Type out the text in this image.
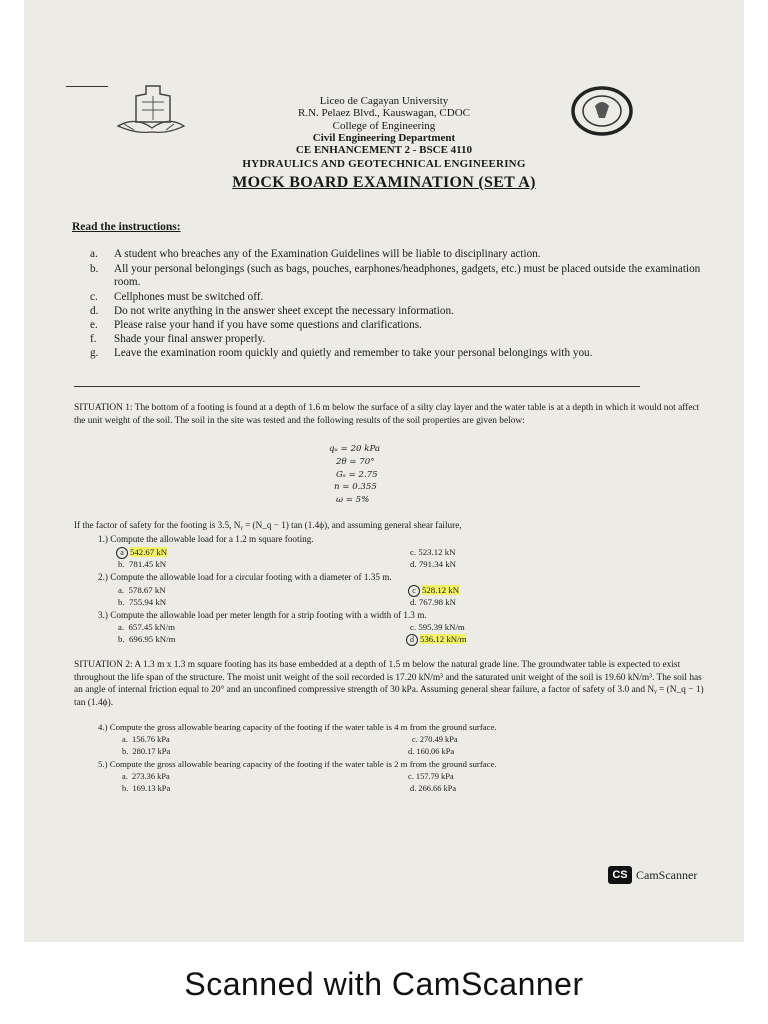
Liceo de Cagayan University
R.N. Pelaez Blvd., Kauswagan, CDOC
College of Engineering
Civil Engineering Department
CE ENHANCEMENT 2 - BSCE 4110
HYDRAULICS AND GEOTECHNICAL ENGINEERING
MOCK BOARD EXAMINATION (SET A)
Read the instructions:
a.	A student who breaches any of the Examination Guidelines will be liable to disciplinary action.
b.	All your personal belongings (such as bags, pouches, earphones/headphones, gadgets, etc.) must be placed outside the examination room.
c.	Cellphones must be switched off.
d.	Do not write anything in the answer sheet except the necessary information.
e.	Please raise your hand if you have some questions and clarifications.
f.	Shade your final answer properly.
g.	Leave the examination room quickly and quietly and remember to take your personal belongings with you.
SITUATION 1: The bottom of a footing is found at a depth of 1.6 m below the surface of a silty clay layer and the water table is at a depth in which it would not affect the unit weight of the soil. The soil in the site was tested and the following results of the soil properties are given below:
qᵤ = 20 kPa
2θ = 70°
Gₛ = 2.75
n = 0.355
ω = 5%
If the factor of safety for the footing is 3.5, Nᵧ = (N_q − 1) tan (1.4ϕ), and assuming general shear failure,
1.) Compute the allowable load for a 1.2 m square footing.
a 542.67 kN
b. 781.45 kN
c. 523.12 kN
d. 791.34 kN
2.) Compute the allowable load for a circular footing with a diameter of 1.35 m.
a. 578.67 kN
b. 755.94 kN
c 528.12 kN
d. 767.98 kN
3.) Compute the allowable load per meter length for a strip footing with a width of 1.3 m.
a. 657.45 kN/m
b. 696.95 kN/m
c. 595.39 kN/m
d 536.12 kN/m
SITUATION 2: A 1.3 m x 1.3 m square footing has its base embedded at a depth of 1.5 m below the natural grade line. The groundwater table is expected to exist throughout the life span of the structure. The moist unit weight of the soil recorded is 17.20 kN/m³ and the saturated unit weight of the soil is 19.60 kN/m³. The soil has an angle of internal friction equal to 20° and an unconfined compressive strength of 30 kPa. Assuming general shear failure, a factor of safety of 3.0 and Nᵧ = (N_q − 1) tan (1.4ϕ).
4.) Compute the gross allowable bearing capacity of the footing if the water table is 4 m from the ground surface.
a. 156.76 kPa
b. 280.17 kPa
c. 270.49 kPa
d. 160.06 kPa
5.) Compute the gross allowable bearing capacity of the footing if the water table is 2 m from the ground surface.
a. 273.36 kPa
b. 169.13 kPa
c. 157.79 kPa
d. 266.66 kPa
CS CamScanner
Scanned with CamScanner
